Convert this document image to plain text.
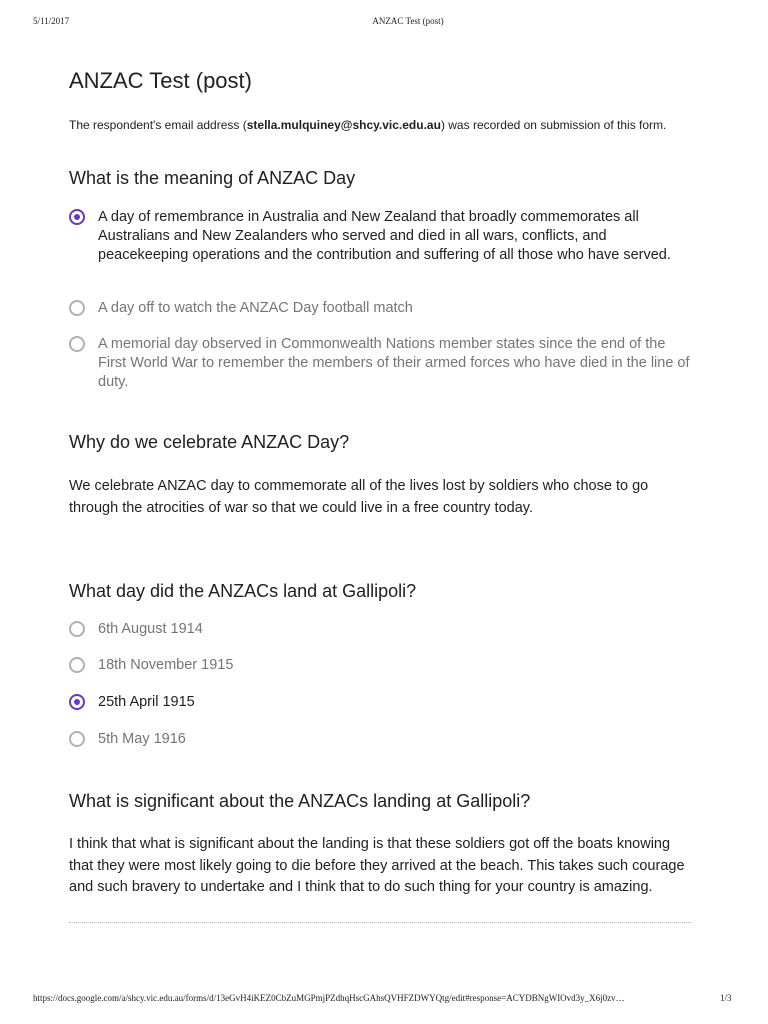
5/11/2017	ANZAC Test (post)
ANZAC Test (post)
The respondent's email address (stella.mulquiney@shcy.vic.edu.au) was recorded on submission of this form.
What is the meaning of ANZAC Day
A day of remembrance in Australia and New Zealand that broadly commemorates all Australians and New Zealanders who served and died in all wars, conflicts, and peacekeeping operations and the contribution and suffering of all those who have served.
A day off to watch the ANZAC Day football match
A memorial day observed in Commonwealth Nations member states since the end of the First World War to remember the members of their armed forces who have died in the line of duty.
Why do we celebrate ANZAC Day?
We celebrate ANZAC day to commemorate all of the lives lost by soldiers who chose to go through the atrocities of war so that we could live in a free country today.
What day did the ANZACs land at Gallipoli?
6th August 1914
18th November 1915
25th April 1915
5th May 1916
What is significant about the ANZACs landing at Gallipoli?
I think that what is significant about the landing is that these soldiers got off the boats knowing that they were most likely going to die before they arrived at the beach. This takes such courage and such bravery to undertake and I think that to do such thing for your country is amazing.
https://docs.google.com/a/shcy.vic.edu.au/forms/d/13eGvH4iKEZ0CbZuMGPmjPZdhqHscGAhsQVHFZDWYQtg/edit#response=ACYDBNgWIOvd3y_X6j0zv…	1/3
